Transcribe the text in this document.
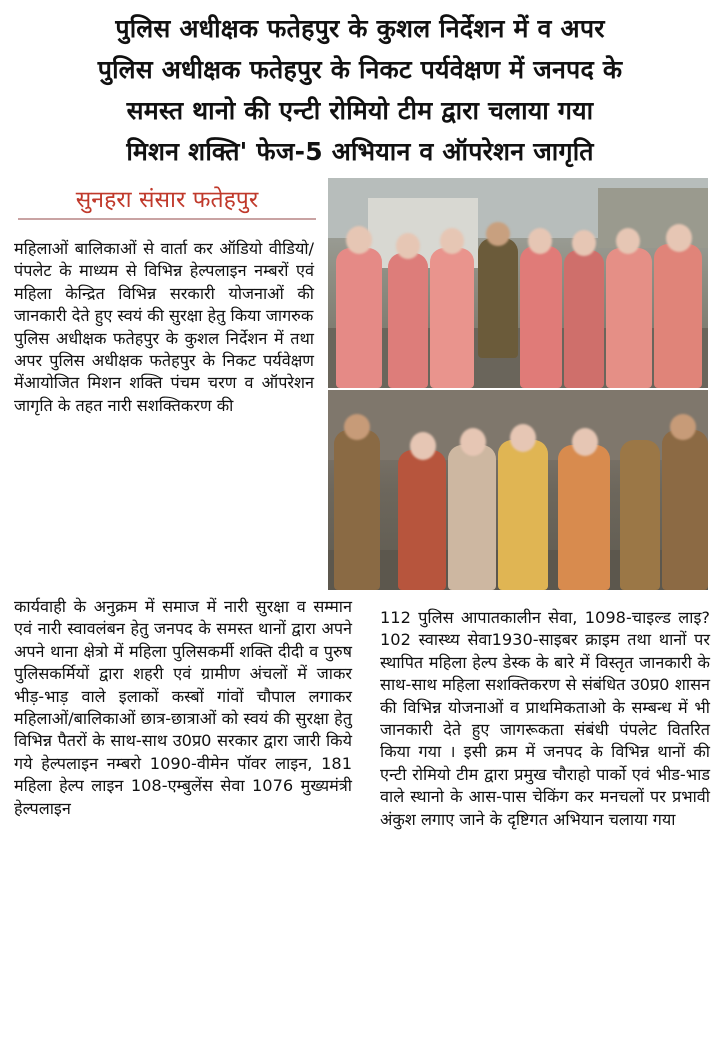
पुलिस अधीक्षक फतेहपुर के कुशल निर्देशन में व अपर
पुलिस अधीक्षक फतेहपुर के निकट पर्यवेक्षण में जनपद के
समस्त थानो की एन्टी रोमियो टीम द्वारा चलाया गया
मिशन शक्ति' फेज-5 अभियान व ऑपरेशन जागृति
सुनहरा संसार फतेहपुर

महिलाओं बालिकाओं से वार्ता कर ऑडियो वीडियो/पंपलेट के माध्यम से विभिन्न हेल्पलाइन नम्बरों एवं महिला केन्द्रित विभिन्न सरकारी योजनाओं की जानकारी देते हुए स्वयं की सुरक्षा हेतु किया जागरुक

पुलिस अधीक्षक फतेहपुर के कुशल निर्देशन में तथा अपर पुलिस अधीक्षक फतेहपुर के निकट पर्यवेक्षण मेंआयोजित मिशन शक्ति पंचम चरण व ऑपरेशन जागृति के तहत नारी सशक्तिकरण की

कार्यवाही के अनुक्रम में समाज में नारी सुरक्षा व सम्मान एवं नारी स्वावलंबन हेतु जनपद के समस्त थानों द्वारा अपने अपने थाना क्षेत्रो में महिला पुलिसकर्मी शक्ति दीदी व पुरुष पुलिसकर्मियों द्वारा शहरी एवं ग्रामीण अंचलों में जाकर भीड़-भाड़ वाले इलाकों कस्बों गांवों चौपाल लगाकर महिलाओं/बालिकाओं छात्र-छात्राओं को स्वयं की सुरक्षा हेतु विभिन्न पैतरों के साथ-साथ उ0प्र0 सरकार द्वारा जारी किये गये हेल्पलाइन नम्बरो 1090-वीमेन पॉवर लाइन, 181 महिला हेल्प लाइन 108-एम्बुलेंस सेवा 1076 मुख्यमंत्री हेल्पलाइन

112 पुलिस आपातकालीन सेवा, 1098-चाइल्ड लाइ? 102 स्वास्थ्य सेवा1930-साइबर क्राइम तथा थानों पर स्थापित महिला हेल्प डेस्क के बारे में विस्तृत जानकारी के साथ-साथ महिला सशक्तिकरण से संबंधित उ0प्र0 शासन की विभिन्न योजनाओं व प्राथमिकताओ के सम्बन्ध में भी जानकारी देते हुए जागरूकता संबंधी पंपलेट वितरित किया गया । इसी क्रम में जनपद के विभिन्न थानों की एन्टी रोमियो टीम द्वारा प्रमुख चौराहो पार्को एवं भीड-भाड वाले स्थानो के आस-पास चेकिंग कर मनचलों पर प्रभावी अंकुश लगाए जाने के दृष्टिगत अभियान चलाया गया
